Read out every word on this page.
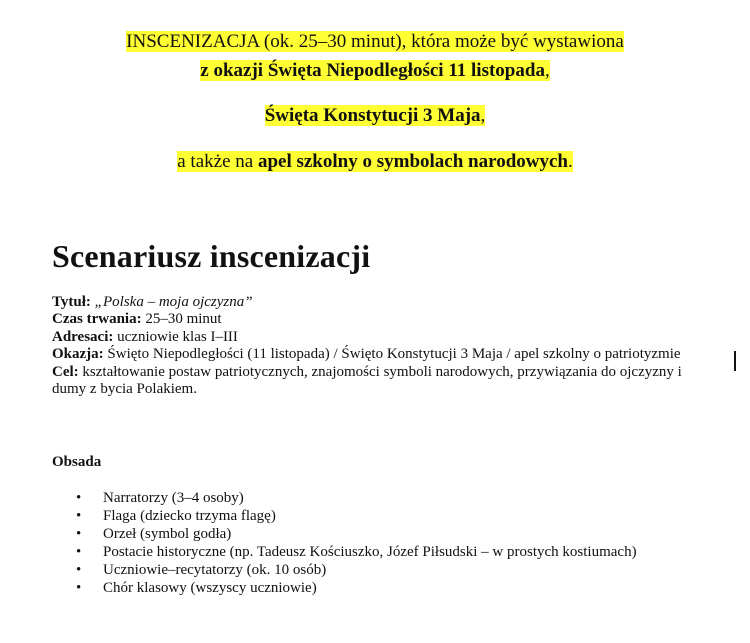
INSCENIZACJA (ok. 25–30 minut), która może być wystawiona
z okazji Święta Niepodległości 11 listopada,
Święta Konstytucji 3 Maja,
a także na apel szkolny o symbolach narodowych.
Scenariusz inscenizacji

Tytuł: „Polska – moja ojczyzna”

Czas trwania: 25–30 minut

Adresaci: uczniowie klas I–III

Okazja: Święto Niepodległości (11 listopada) / Święto Konstytucji 3 Maja / apel szkolny o patriotyzmie

Cel: kształtowanie postaw patriotycznych, znajomości symboli narodowych, przywiązania do ojczyzny i dumy z bycia Polakiem.

Obsada
• Narratorzy (3–4 osoby)
• Flaga (dziecko trzyma flagę)
• Orzeł (symbol godła)
• Postacie historyczne (np. Tadeusz Kościuszko, Józef Piłsudski – w prostych kostiumach)
• Uczniowie–recytatorzy (ok. 10 osób)
• Chór klasowy (wszyscy uczniowie)
